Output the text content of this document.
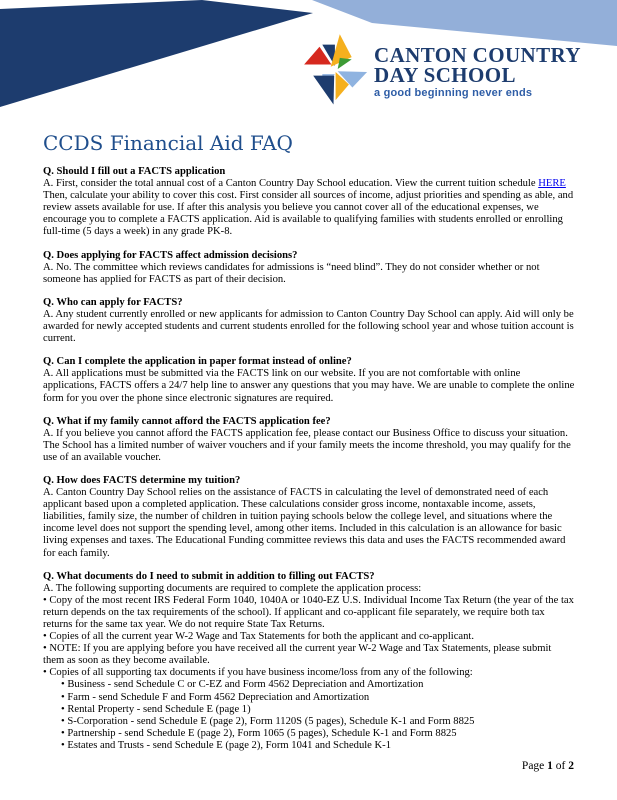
CANTON COUNTRY
DAY SCHOOL
a good beginning never ends
CCDS Financial Aid FAQ
Q. Should I fill out a FACTS application
A. First, consider the total annual cost of a Canton Country Day School education. View the current tuition schedule HERE Then, calculate your ability to cover this cost. First consider all sources of income, adjust priorities and spending as able, and review assets available for use. If after this analysis you believe you cannot cover all of the educational expenses, we encourage you to complete a FACTS application. Aid is available to qualifying families with students enrolled or enrolling full-time (5 days a week) in any grade PK-8.
Q. Does applying for FACTS affect admission decisions?
A. No. The committee which reviews candidates for admissions is “need blind”. They do not consider whether or not someone has applied for FACTS as part of their decision.
Q. Who can apply for FACTS?
A. Any student currently enrolled or new applicants for admission to Canton Country Day School can apply. Aid will only be awarded for newly accepted students and current students enrolled for the following school year and whose tuition account is current.
Q. Can I complete the application in paper format instead of online?
A. All applications must be submitted via the FACTS link on our website. If you are not comfortable with online applications, FACTS offers a 24/7 help line to answer any questions that you may have. We are unable to complete the online form for you over the phone since electronic signatures are required.
Q. What if my family cannot afford the FACTS application fee?
A. If you believe you cannot afford the FACTS application fee, please contact our Business Office to discuss your situation. The School has a limited number of waiver vouchers and if your family meets the income threshold, you may qualify for the use of an available voucher.
Q. How does FACTS determine my tuition?
A. Canton Country Day School relies on the assistance of FACTS in calculating the level of demonstrated need of each applicant based upon a completed application. These calculations consider gross income, nontaxable income, assets, liabilities, family size, the number of children in tuition paying schools below the college level, and situations where the income level does not support the spending level, among other items. Included in this calculation is an allowance for basic living expenses and taxes. The Educational Funding committee reviews this data and uses the FACTS recommended award for each family.
Q. What documents do I need to submit in addition to filling out FACTS?
A. The following supporting documents are required to complete the application process:
• Copy of the most recent IRS Federal Form 1040, 1040A or 1040-EZ U.S. Individual Income Tax Return (the year of the tax return depends on the tax requirements of the school). If applicant and co-applicant file separately, we require both tax returns for the same tax year. We do not require State Tax Returns.
• Copies of all the current year W-2 Wage and Tax Statements for both the applicant and co-applicant.
• NOTE: If you are applying before you have received all the current year W-2 Wage and Tax Statements, please submit them as soon as they become available.
• Copies of all supporting tax documents if you have business income/loss from any of the following:
• Business - send Schedule C or C-EZ and Form 4562 Depreciation and Amortization
• Farm - send Schedule F and Form 4562 Depreciation and Amortization
• Rental Property - send Schedule E (page 1)
• S-Corporation - send Schedule E (page 2), Form 1120S (5 pages), Schedule K-1 and Form 8825
• Partnership - send Schedule E (page 2), Form 1065 (5 pages), Schedule K-1 and Form 8825
• Estates and Trusts - send Schedule E (page 2), Form 1041 and Schedule K-1
Page 1 of 2
